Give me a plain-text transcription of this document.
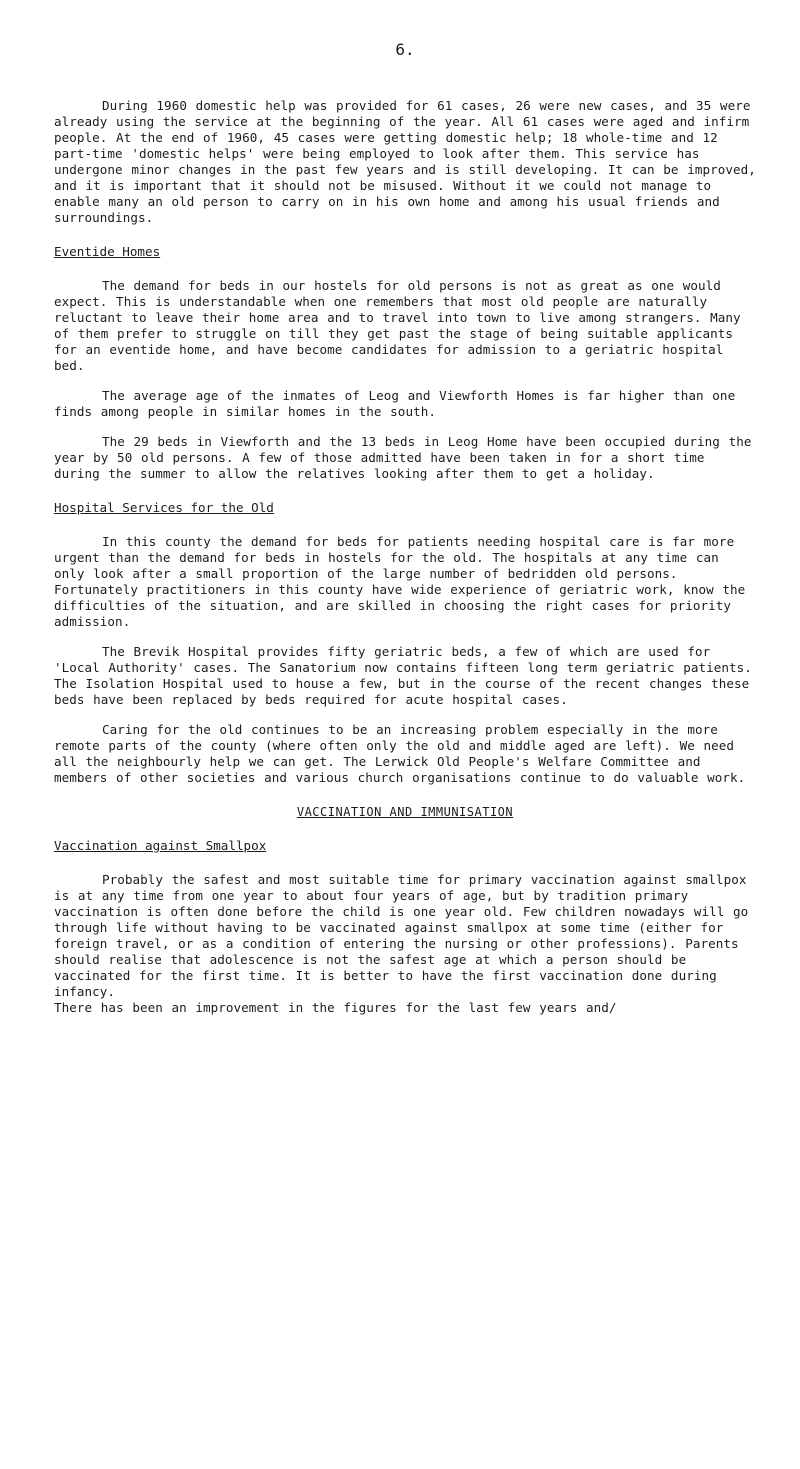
6.

During 1960 domestic help was provided for 61 cases, 26 were new cases, and 35 were already using the service at the beginning of the year. All 61 cases were aged and infirm people. At the end of 1960, 45 cases were getting domestic help; 18 whole-time and 12 part-time 'domestic helps' were being employed to look after them. This service has undergone minor changes in the past few years and is still developing. It can be improved, and it is important that it should not be misused. Without it we could not manage to enable many an old person to carry on in his own home and among his usual friends and surroundings.

Eventide Homes

The demand for beds in our hostels for old persons is not as great as one would expect. This is understandable when one remembers that most old people are naturally reluctant to leave their home area and to travel into town to live among strangers. Many of them prefer to struggle on till they get past the stage of being suitable applicants for an eventide home, and have become candidates for admission to a geriatric hospital bed.

The average age of the inmates of Leog and Viewforth Homes is far higher than one finds among people in similar homes in the south.

The 29 beds in Viewforth and the 13 beds in Leog Home have been occupied during the year by 50 old persons. A few of those admitted have been taken in for a short time during the summer to allow the relatives looking after them to get a holiday.

Hospital Services for the Old

In this county the demand for beds for patients needing hospital care is far more urgent than the demand for beds in hostels for the old. The hospitals at any time can only look after a small proportion of the large number of bedridden old persons. Fortunately practitioners in this county have wide experience of geriatric work, know the difficulties of the situation, and are skilled in choosing the right cases for priority admission.

The Brevik Hospital provides fifty geriatric beds, a few of which are used for 'Local Authority' cases. The Sanatorium now contains fifteen long term geriatric patients. The Isolation Hospital used to house a few, but in the course of the recent changes these beds have been replaced by beds required for acute hospital cases.

Caring for the old continues to be an increasing problem especially in the more remote parts of the county (where often only the old and middle aged are left). We need all the neighbourly help we can get. The Lerwick Old People's Welfare Committee and members of other societies and various church organisations continue to do valuable work.

VACCINATION AND IMMUNISATION
Vaccination against Smallpox

Probably the safest and most suitable time for primary vaccination against smallpox is at any time from one year to about four years of age, but by tradition primary vaccination is often done before the child is one year old. Few children nowadays will go through life without having to be vaccinated against smallpox at some time (either for foreign travel, or as a condition of entering the nursing or other professions). Parents should realise that adolescence is not the safest age at which a person should be vaccinated for the first time. It is better to have the first vaccination done during infancy.

There has been an improvement in the figures for the last few years and/
